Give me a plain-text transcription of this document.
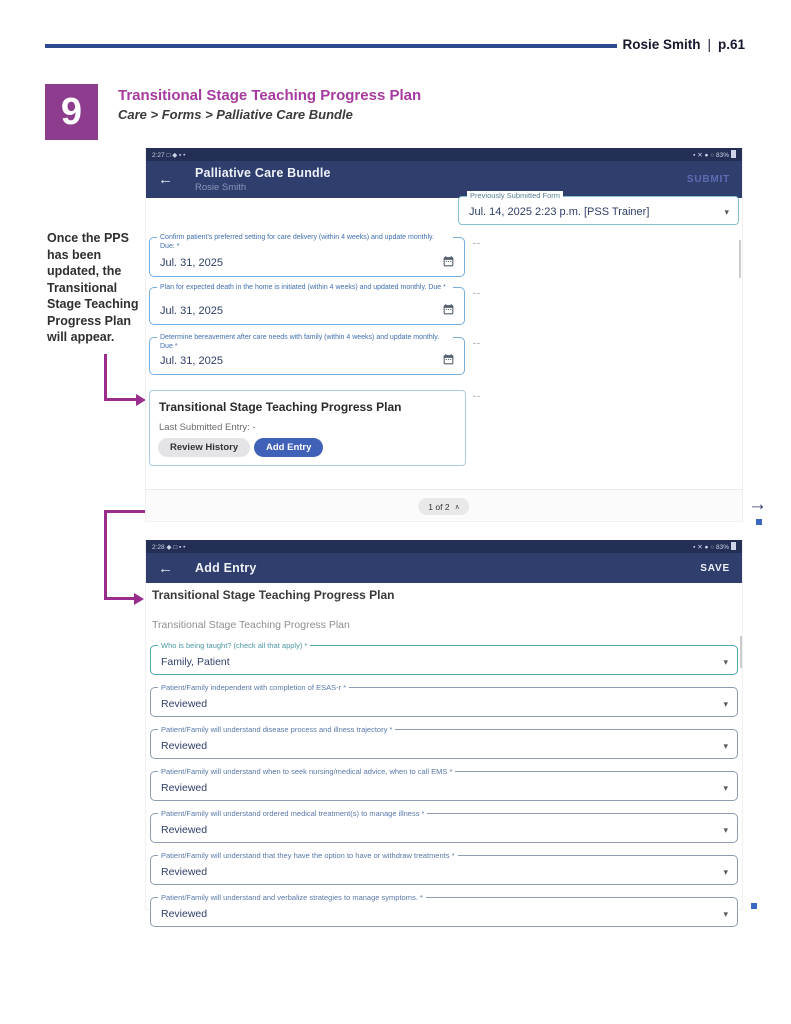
Rosie Smith | p.61
9	Transitional Stage Teaching Progress Plan
Care > Forms > Palliative Care Bundle
Once the PPS has been updated, the Transitional Stage Teaching Progress Plan will appear.
2:27 □ ◆ ▪ •	▪ ✕ ● ○ 83%
← Palliative Care Bundle
Rosie Smith
SUBMIT
Previously Submitted Form
Jul. 14, 2025 2:23 p.m. [PSS Trainer]	▾
Confirm patient's preferred setting for care delivery (within 4 weeks) and update monthly. Due: *
Jul. 31, 2025
--
Plan for expected death in the home is initiated (within 4 weeks) and updated monthly. Due *
Jul. 31, 2025
--
Determine bereavement after care needs with family (within 4 weeks) and update monthly. Due *
Jul. 31, 2025
--
Transitional Stage Teaching Progress Plan
Last Submitted Entry: -
Review History	Add Entry
--
1 of 2 ∧	→
2:28 ◆ □ ▪ •	▪ ✕ ● ○ 83%
← Add Entry	SAVE
Transitional Stage Teaching Progress Plan
Transitional Stage Teaching Progress Plan
Who is being taught? (check all that apply) *
Family, Patient	▾
Patient/Family independent with completion of ESAS-r *
Reviewed	▾
Patient/Family will understand disease process and illness trajectory *
Reviewed	▾
Patient/Family will understand when to seek nursing/medical advice, when to call EMS *
Reviewed	▾
Patient/Family will understand ordered medical treatment(s) to manage illness *
Reviewed	▾
Patient/Family will understand that they have the option to have or withdraw treatments *
Reviewed	▾
Patient/Family will understand and verbalize strategies to manage symptoms. *
Reviewed	▾
